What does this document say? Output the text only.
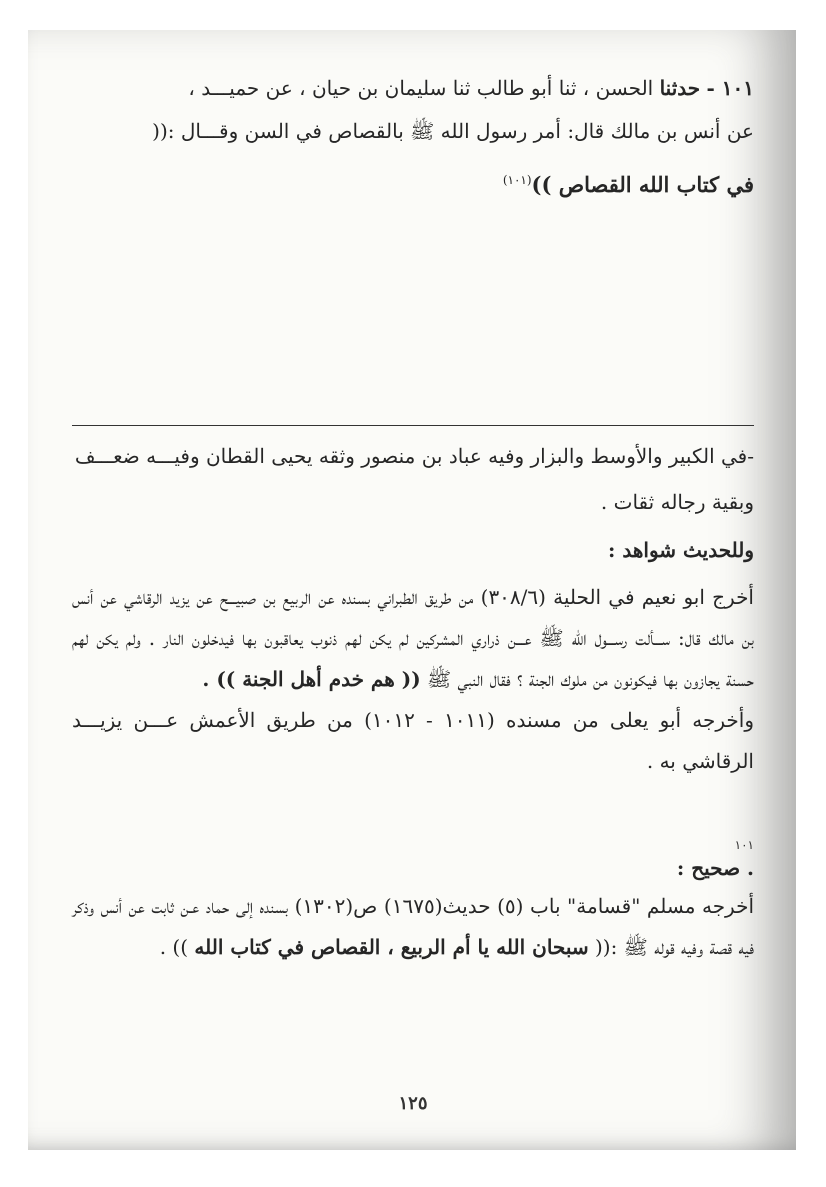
١٠١ - حدثنا الحسن ، ثنا أبو طالب ثنا سليمان بن حيان ، عن حميـــد ،
عن أنس بن مالك قال: أمر رسول الله ﷺ بالقصاص في السن وقـــال :((
في كتاب الله القصاص ))$^{(١٠١)}$
-في الكبير والأوسط والبزار وفيه عباد بن منصور وثقه يحيى القطان وفيـــه ضعـــف
وبقية رجاله ثقات .
وللحديث شواهد :

أخرج ابو نعيم في الحلية (٣٠٨/٦) من طريق الطبراني بسنده عن الربيع بن صبيـــح عن يزيد الرقاشي عن أنس بن مالك قال: ســـألت رســـول الله ﷺ عـــن ذراري المشركين لم يكن لهم ذنوب يعاقبون بها فيدخلون النار . ولم يكن لهم حسنة يجازون بها فيكونون من ملوك الجنة ؟ فقال النبي ﷺ (( هم خدم أهل الجنة )) .

وأخرجه أبو يعلى من مسنده (١٠١١ - ١٠١٢) من طريق الأعمش عـــن يزيـــد الرقاشي به .

١٠١
. صحيح :

أخرجه مسلم "قسامة" باب (٥) حديث(١٦٧٥) ص(١٣٠٢) بسنده إلى حماد عـن ثابت عن أنس وذكر فيه قصة وفيه قوله ﷺ :(( سبحان الله يا أم الربيع ، القصاص في كتاب الله )) .

١٢٥
